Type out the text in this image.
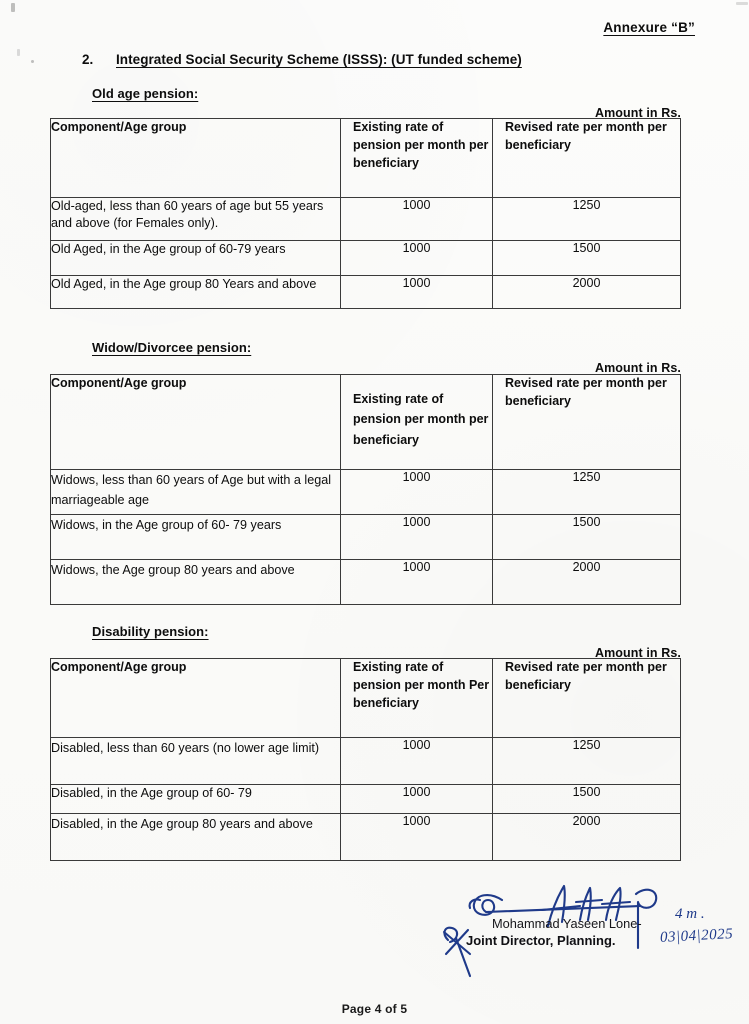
Annexure “B”
2. Integrated Social Security Scheme (ISSS): (UT funded scheme)
Old age pension:
Amount in Rs.
Component/Age group	Existing rate of pension per month per beneficiary	Revised rate per month per beneficiary
Old-aged, less than 60 years of age but 55 years and above (for Females only).	1000	1250
Old Aged, in the Age group of 60-79 years	1000	1500
Old Aged, in the Age group 80 Years and above	1000	2000
Widow/Divorcee pension:
Amount in Rs.
Component/Age group	Existing rate of pension per month per beneficiary	Revised rate per month per beneficiary
Widows, less than 60 years of Age but with a legal marriageable age	1000	1250
Widows, in the Age group of 60- 79 years	1000	1500
Widows, the Age group 80 years and above	1000	2000
Disability pension:
Amount in Rs.
Component/Age group	Existing rate of pension per month Per beneficiary	Revised rate per month per beneficiary
Disabled, less than 60 years (no lower age limit)	1000	1250
Disabled, in the Age group of 60- 79	1000	1500
Disabled, in the Age group 80 years and above	1000	2000
Mohammad Yaseen Lone-
4 m .
Joint Director, Planning.	03|04|2025
Page 4 of 5
